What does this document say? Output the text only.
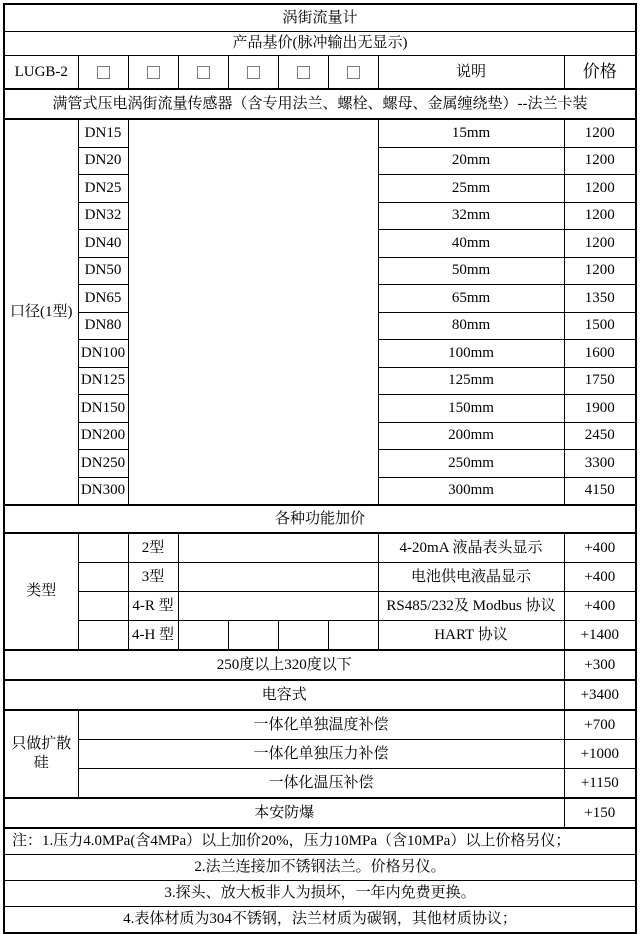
涡街流量计								
产品基价(脉冲输出无显示)								
LUGB-2							说明	价格
满管式压电涡街流量传感器（含专用法兰、螺栓、螺母、金属缠绕垫）--法兰卡装								
口径(1型)	DN15						15mm	1200
	DN20						20mm	1200
	DN25						25mm	1200
	DN32						32mm	1200
	DN40						40mm	1200
	DN50						50mm	1200
	DN65						65mm	1350
	DN80						80mm	1500
	DN100						100mm	1600
	DN125						125mm	1750
	DN150						150mm	1900
	DN200						200mm	2450
	DN250						250mm	3300
	DN300						300mm	4150
各种功能加价								
类型		2型					4-20mA 液晶表头显示	+400
		3型					电池供电液晶显示	+400
		4-R 型					RS485/232及 Modbus 协议	+400
		4-H 型					HART 协议	+1400
250度以上320度以下								+300
电容式								+3400
只做扩散硅	一体化单独温度补偿							+700
	一体化单独压力补偿							+1000
	一体化温压补偿							+1150
本安防爆								+150
注：1.压力4.0MPa(含4MPa）以上加价20%，压力10MPa（含10MPa）以上价格另仪；								
2.法兰连接加不锈钢法兰。价格另仪。								
3.探头、放大板非人为损坏，一年内免费更换。								
4.表体材质为304不锈钢，法兰材质为碳钢，其他材质协议；								
